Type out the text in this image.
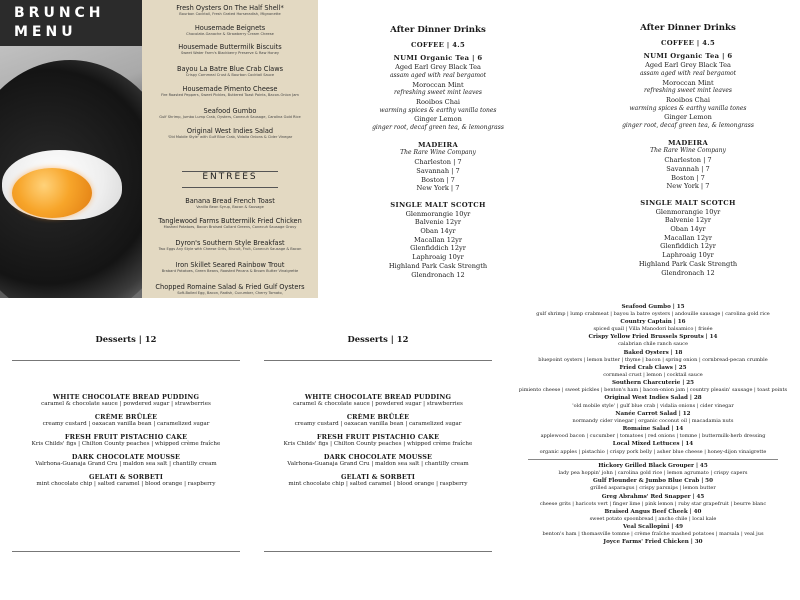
BRUNCH
MENU
Fresh Oysters On The Half Shell*
Bourbon Cocktail, Fresh Grated Horseradish, Mignonette
Housemade Beignets
Chocolate-Ganache & Strawberry Cream Cheese
Housemade Buttermilk Biscuits
Sweet Water Farm's Blackberry Preserve & Raw Honey
Bayou La Batre Blue Crab Claws
Crispy Cornmeal Crust & Bourbon Cocktail Sauce
Housemade Pimento Cheese
Fire Roasted Peppers, Sweet Pickles, Buttered Toast Points, Bacon-Onion Jam
Seafood Gumbo
Gulf Shrimp, Jumbo Lump Crab, Oysters, Conecuh Sausage, Carolina Gold Rice
Original West Indies Salad
'Old Mobile Style' with Gulf Blue Crab, Vidalia Onions & Cider Vinegar
ENTREES
Banana Bread French Toast
Vanilla Bean Syrup, Bacon & Sausage
Tanglewood Farms Buttermilk Fried Chicken
Mashed Potatoes, Bacon Braised Collard Greens, Conecuh Sausage Gravy
Dyron's Southern Style Breakfast
Two Eggs Any Style with Cheese Grits, Biscuit, Fruit, Conecuh Sausage & Bacon
Iron Skillet Seared Rainbow Trout
Brabant Potatoes, Green Beans, Roasted Pecans & Brown Butter Vinaigrette
Chopped Romaine Salad & Fried Gulf Oysters
Soft-Boiled Egg, Bacon, Radish, Cucumber, Cherry Tomato,
After Dinner Drinks
COFFEE | 4.5
NUMI Organic Tea | 6
Aged Earl Grey Black Tea
assam aged with real bergamot
Moroccan Mint
refreshing sweet mint leaves
Rooibos Chai
warming spices & earthy vanilla tones
Ginger Lemon
ginger root, decaf green tea, & lemongrass
MADEIRA
The Rare Wine Company
Charleston | 7
Savannah | 7
Boston | 7
New York | 7
SINGLE MALT SCOTCH
Glenmorangie 10yr
Balvenie 12yr
Oban 14yr
Macallan 12yr
Glenfiddich 12yr
Laphroaig 10yr
Highland Park Cask Strength
Glendronach 12
After Dinner Drinks
COFFEE | 4.5
NUMI Organic Tea | 6
Aged Earl Grey Black Tea
assam aged with real bergamot
Moroccan Mint
refreshing sweet mint leaves
Rooibos Chai
warming spices & earthy vanilla tones
Ginger Lemon
ginger root, decaf green tea, & lemongrass
MADEIRA
The Rare Wine Company
Charleston | 7
Savannah | 7
Boston | 7
New York | 7
SINGLE MALT SCOTCH
Glenmorangie 10yr
Balvenie 12yr
Oban 14yr
Macallan 12yr
Glenfiddich 12yr
Laphroaig 10yr
Highland Park Cask Strength
Glendronach 12
Desserts | 12
WHITE CHOCOLATE BREAD PUDDING
caramel & chocolate sauce | powdered sugar | strawberries
CRÈME BRÛLÉE
creamy custard | oaxacan vanilla bean | caramelized sugar
FRESH FRUIT PISTACHIO CAKE
Kris Childs' figs | Chilton County peaches | whipped crème fraîche
DARK CHOCOLATE MOUSSE
Valrhona-Guanaja Grand Cru | maldon sea salt | chantilly cream
GELATI & SORBETI
mint chocolate chip | salted caramel | blood orange | raspberry
Desserts | 12
WHITE CHOCOLATE BREAD PUDDING
caramel & chocolate sauce | powdered sugar | strawberries
CRÈME BRÛLÉE
creamy custard | oaxacan vanilla bean | caramelized sugar
FRESH FRUIT PISTACHIO CAKE
Kris Childs' figs | Chilton County peaches | whipped crème fraîche
DARK CHOCOLATE MOUSSE
Valrhona-Guanaja Grand Cru | maldon sea salt | chantilly cream
GELATI & SORBETI
mint chocolate chip | salted caramel | blood orange | raspberry
Seafood Gumbo | 15
gulf shrimp | lump crabmeat | bayou la batre oysters | andouille sausage | carolina gold rice
Country Captain | 16
spiced quail | Villa Manodori balsamico | frisée
Crispy Yellow Fried Brussels Sprouts | 14
calabrian chile ranch sauce
Baked Oysters | 18
bluepoint oysters | lemon butter | thyme | bacon | spring onion | cornbread-pecan crumble
Fried Crab Claws | 25
cornmeal crust | lemon | cocktail sauce
Southern Charcuterie | 25
pimiento cheese | sweet pickles | benton's ham | bacon-onion jam | country pleasin' sausage | toast points
Original West Indies Salad | 28
'old mobile style' | gulf blue crab | vidalia onions | cider vinegar
Nanée Carrot Salad | 12
normandy cider vinegar | organic coconut oil | macadamia nuts
Romaine Salad | 14
applewood bacon | cucumber | tomatoes | red onions | tomme | buttermilk-herb dressing
Local Mixed Lettuces | 14
organic apples | pistachio | crispy pork belly | asher blue cheese | honey-dijon vinaigrette
Hickory Grilled Black Grouper | 45
lady pea hoppin' john | carolina gold rice | lemon agrumato | crispy capers
Gulf Flounder & Jumbo Blue Crab | 50
grilled asparagus | crispy parsnips | lemon butter
Greg Abrahms' Red Snapper | 45
cheese grits | haricots vert | finger lime | pink lemon | ruby star grapefruit | beurre blanc
Braised Angus Beef Cheek | 40
sweet potato spoonbread | ancho chile | local kale
Veal Scallopini | 49
benton's ham | thomasville tomme | crème fraîche mashed potatoes | marsala | veal jus
Joyce Farms' Fried Chicken | 30
